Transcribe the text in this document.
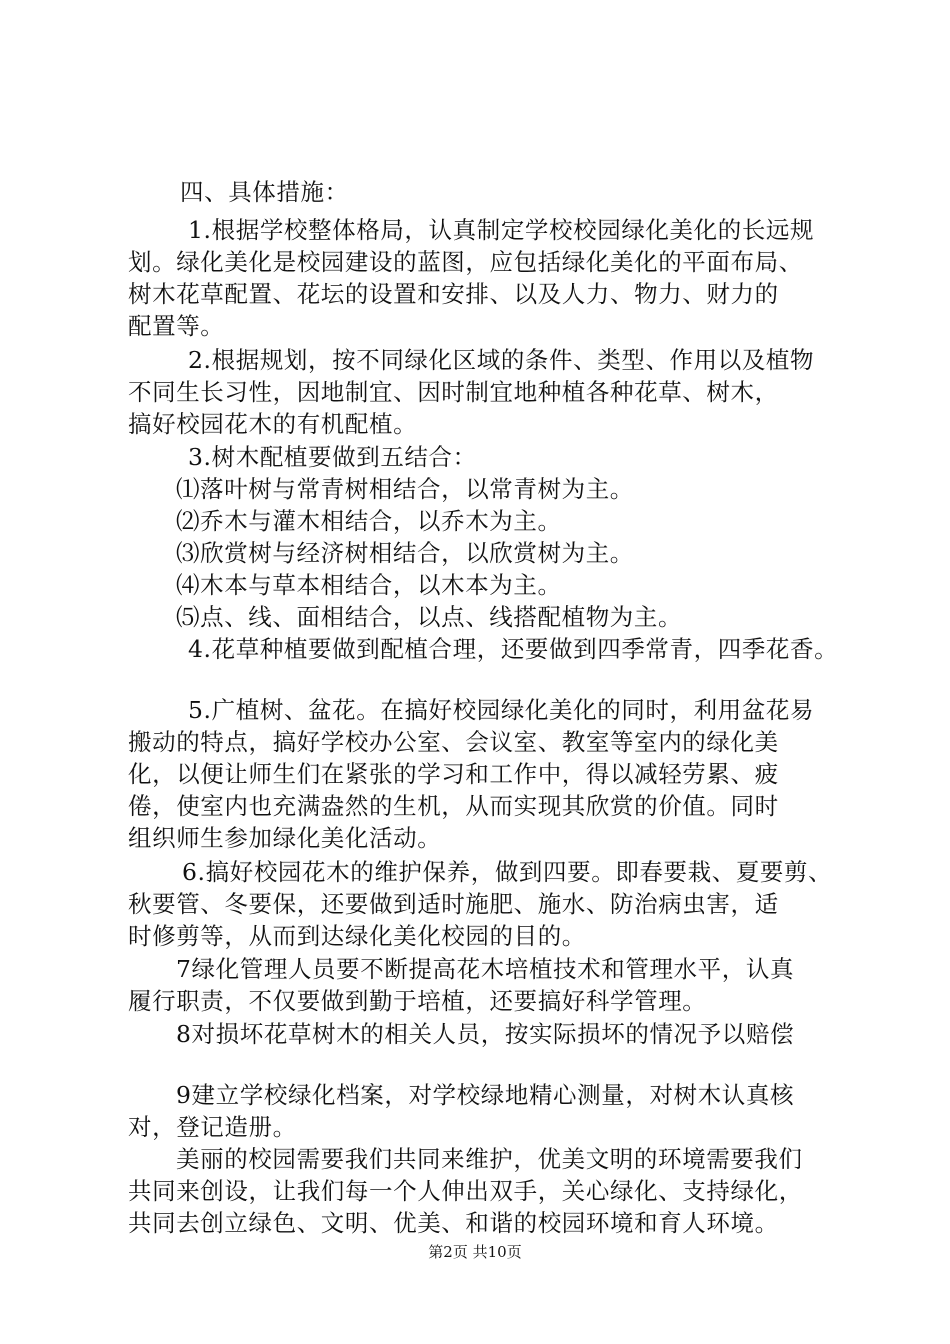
四、具体措施：
1.根据学校整体格局，认真制定学校校园绿化美化的长远规
划。绿化美化是校园建设的蓝图，应包括绿化美化的平面布局、
树木花草配置、花坛的设置和安排、以及人力、物力、财力的
配置等。
2.根据规划，按不同绿化区域的条件、类型、作用以及植物
不同生长习性，因地制宜、因时制宜地种植各种花草、树木，
搞好校园花木的有机配植。
3.树木配植要做到五结合：
⑴落叶树与常青树相结合，以常青树为主。
⑵乔木与灌木相结合，以乔木为主。
⑶欣赏树与经济树相结合，以欣赏树为主。
⑷木本与草本相结合，以木本为主。
⑸点、线、面相结合，以点、线搭配植物为主。
4.花草种植要做到配植合理，还要做到四季常青，四季花香。
5.广植树、盆花。在搞好校园绿化美化的同时，利用盆花易
搬动的特点，搞好学校办公室、会议室、教室等室内的绿化美
化，以便让师生们在紧张的学习和工作中，得以减轻劳累、疲
倦，使室内也充满盎然的生机，从而实现其欣赏的价值。同时
组织师生参加绿化美化活动。
6.搞好校园花木的维护保养，做到四要。即春要栽、夏要剪、
秋要管、冬要保，还要做到适时施肥、施水、防治病虫害，适
时修剪等，从而到达绿化美化校园的目的。
7绿化管理人员要不断提高花木培植技术和管理水平，认真
履行职责，不仅要做到勤于培植，还要搞好科学管理。
8对损坏花草树木的相关人员，按实际损坏的情况予以赔偿
9建立学校绿化档案，对学校绿地精心测量，对树木认真核
对，登记造册。
美丽的校园需要我们共同来维护，优美文明的环境需要我们
共同来创设，让我们每一个人伸出双手，关心绿化、支持绿化，
共同去创立绿色、文明、优美、和谐的校园环境和育人环境。
第2页 共10页
